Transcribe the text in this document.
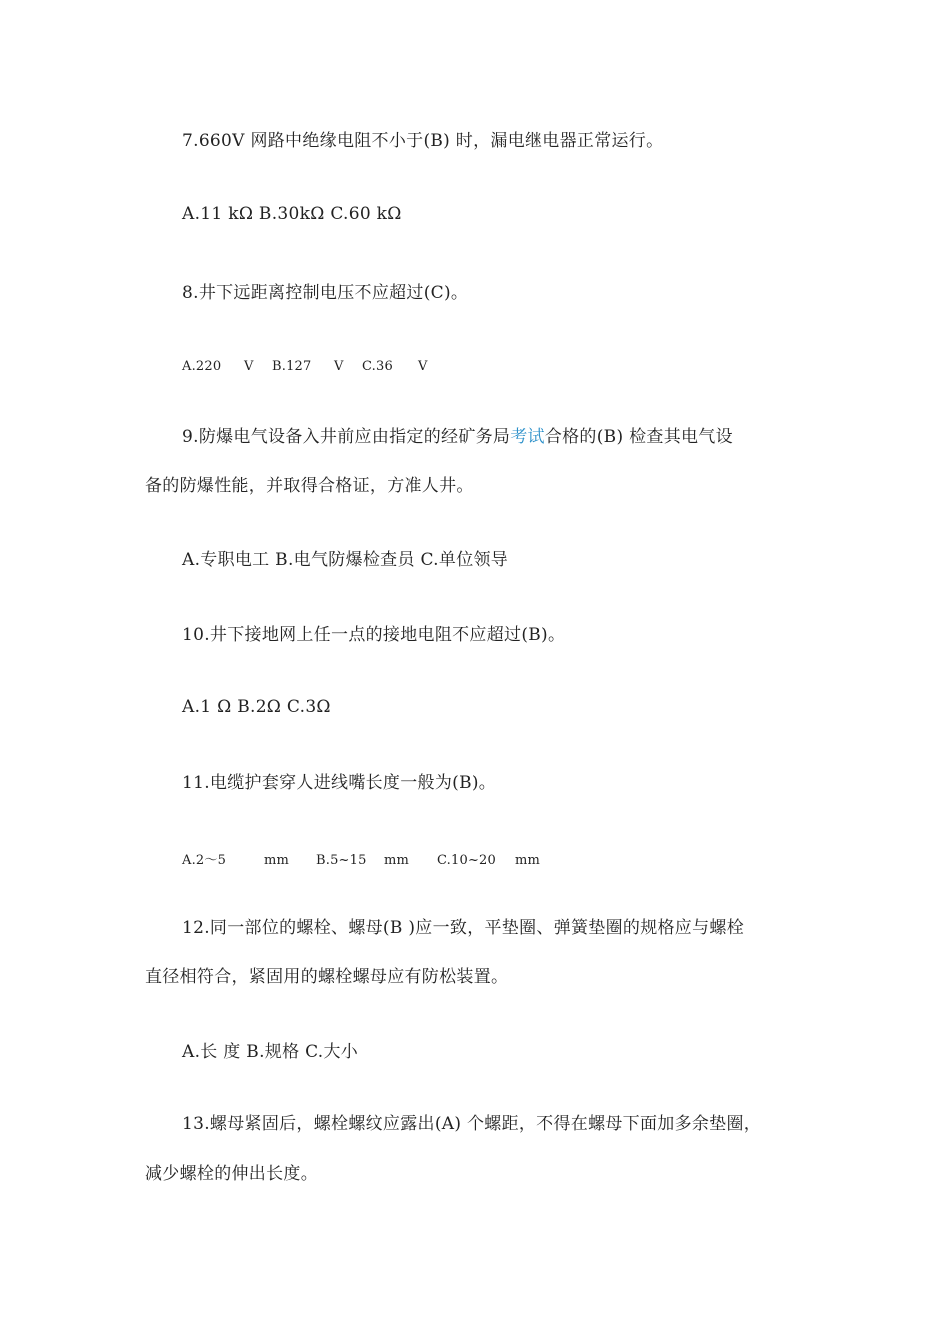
7.660V 网路中绝缘电阻不小于(B) 时，漏电继电器正常运行。
A.11 kΩ B.30kΩ C.60 kΩ
8.井下远距离控制电压不应超过(C)。
A.220 V B.127 V C.36 V
9.防爆电气设备入井前应由指定的经矿务局考试合格的(B) 检查其电气设
备的防爆性能，并取得合格证，方准人井。
A.专职电工 B.电气防爆检查员 C.单位领导
10.井下接地网上任一点的接地电阻不应超过(B)。
A.1 Ω B.2Ω C.3Ω
11.电缆护套穿人进线嘴长度一般为(B)。
A.2～5	mm B.5~15 mm C.10~20 mm
12.同一部位的螺栓、螺母(B )应一致，平垫圈、弹簧垫圈的规格应与螺栓
直径相符合，紧固用的螺栓螺母应有防松装置。
A.长 度 B.规格 C.大小
13.螺母紧固后，螺栓螺纹应露出(A) 个螺距，不得在螺母下面加多余垫圈，
减少螺栓的伸出长度。
